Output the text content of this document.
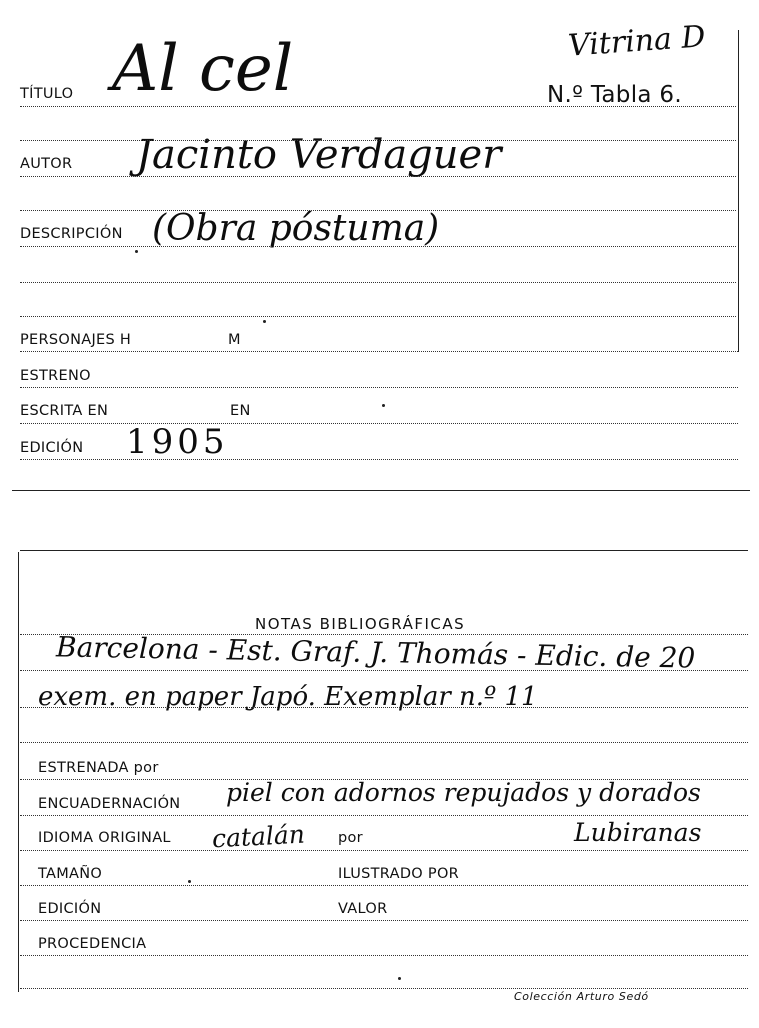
Vitrina D
N.º Tabla 6.
TÍTULO Al cel
AUTOR Jacinto Verdaguer
DESCRIPCIÓN (Obra póstuma)
PERSONAJES H	M
ESTRENO
ESCRITA EN	EN
EDICIÓN 1905
NOTAS BIBLIOGRÁFICAS
Barcelona - Est. Graf. J. Thomás - Edic. de 20
exem. en paper Japó. Exemplar n.º 11
ESTRENADA por
ENCUADERNACIÓN piel con adornos repujados y dorados
IDIOMA ORIGINAL catalán por	Lubiranas
TAMAÑO	ILUSTRADO POR
EDICIÓN	VALOR
PROCEDENCIA
Colección Arturo Sedó
